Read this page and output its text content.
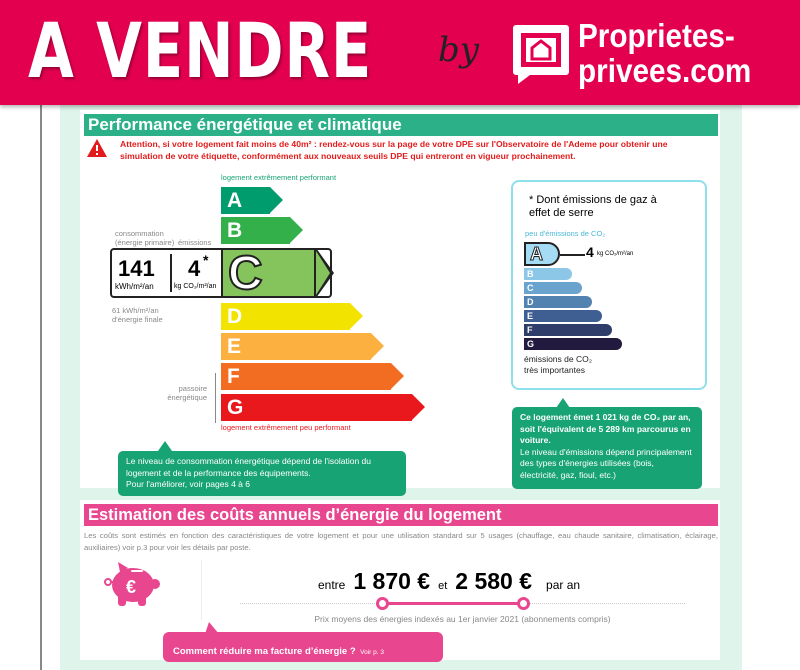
A VENDRE by	Proprietes-
privees.com
Performance énergétique et climatique
Attention, si votre logement fait moins de 40m² : rendez-vous sur la page de votre DPE sur l'Observatoire de l'Ademe pour obtenir une simulation de votre étiquette, conformément aux nouveaux seuils DPE qui entreront en vigueur prochainement.
logement extrêmement performant
A
B
D
E
F
G
logement extrêmement peu performant
consommation
(énergie primaire) émissions
141
kWh/m²/an
4 *
kg CO₂/m²/an C
61 kWh/m²/an
d'énergie finale
passoire
énergétique
Le niveau de consommation énergétique dépend de l'isolation du logement et de la performance des équipements.
Pour l'améliorer, voir pages 4 à 6
* Dont émissions de gaz à effet de serre
peu d'émissions de CO₂
A	4 kg CO₂/m²/an
B
C
D
E
F
G
émissions de CO₂ très importantes
Ce logement émet 1 021 kg de CO₂ par an, soit l'équivalent de 5 289 km parcourus en voiture.
Le niveau d'émissions dépend principalement des types d'énergies utilisées (bois, électricité, gaz, fioul, etc.)
Estimation des coûts annuels d’énergie du logement
Les coûts sont estimés en fonction des caractéristiques de votre logement et pour une utilisation standard sur 5 usages (chauffage, eau chaude sanitaire, climatisation, éclairage, auxiliaires) voir p.3 pour voir les détails par poste.
€	entre 1 870 € et 2 580 € par an
Prix moyens des énergies indexés au 1er janvier 2021 (abonnements compris)
Comment réduire ma facture d’énergie ? Voir p. 3
